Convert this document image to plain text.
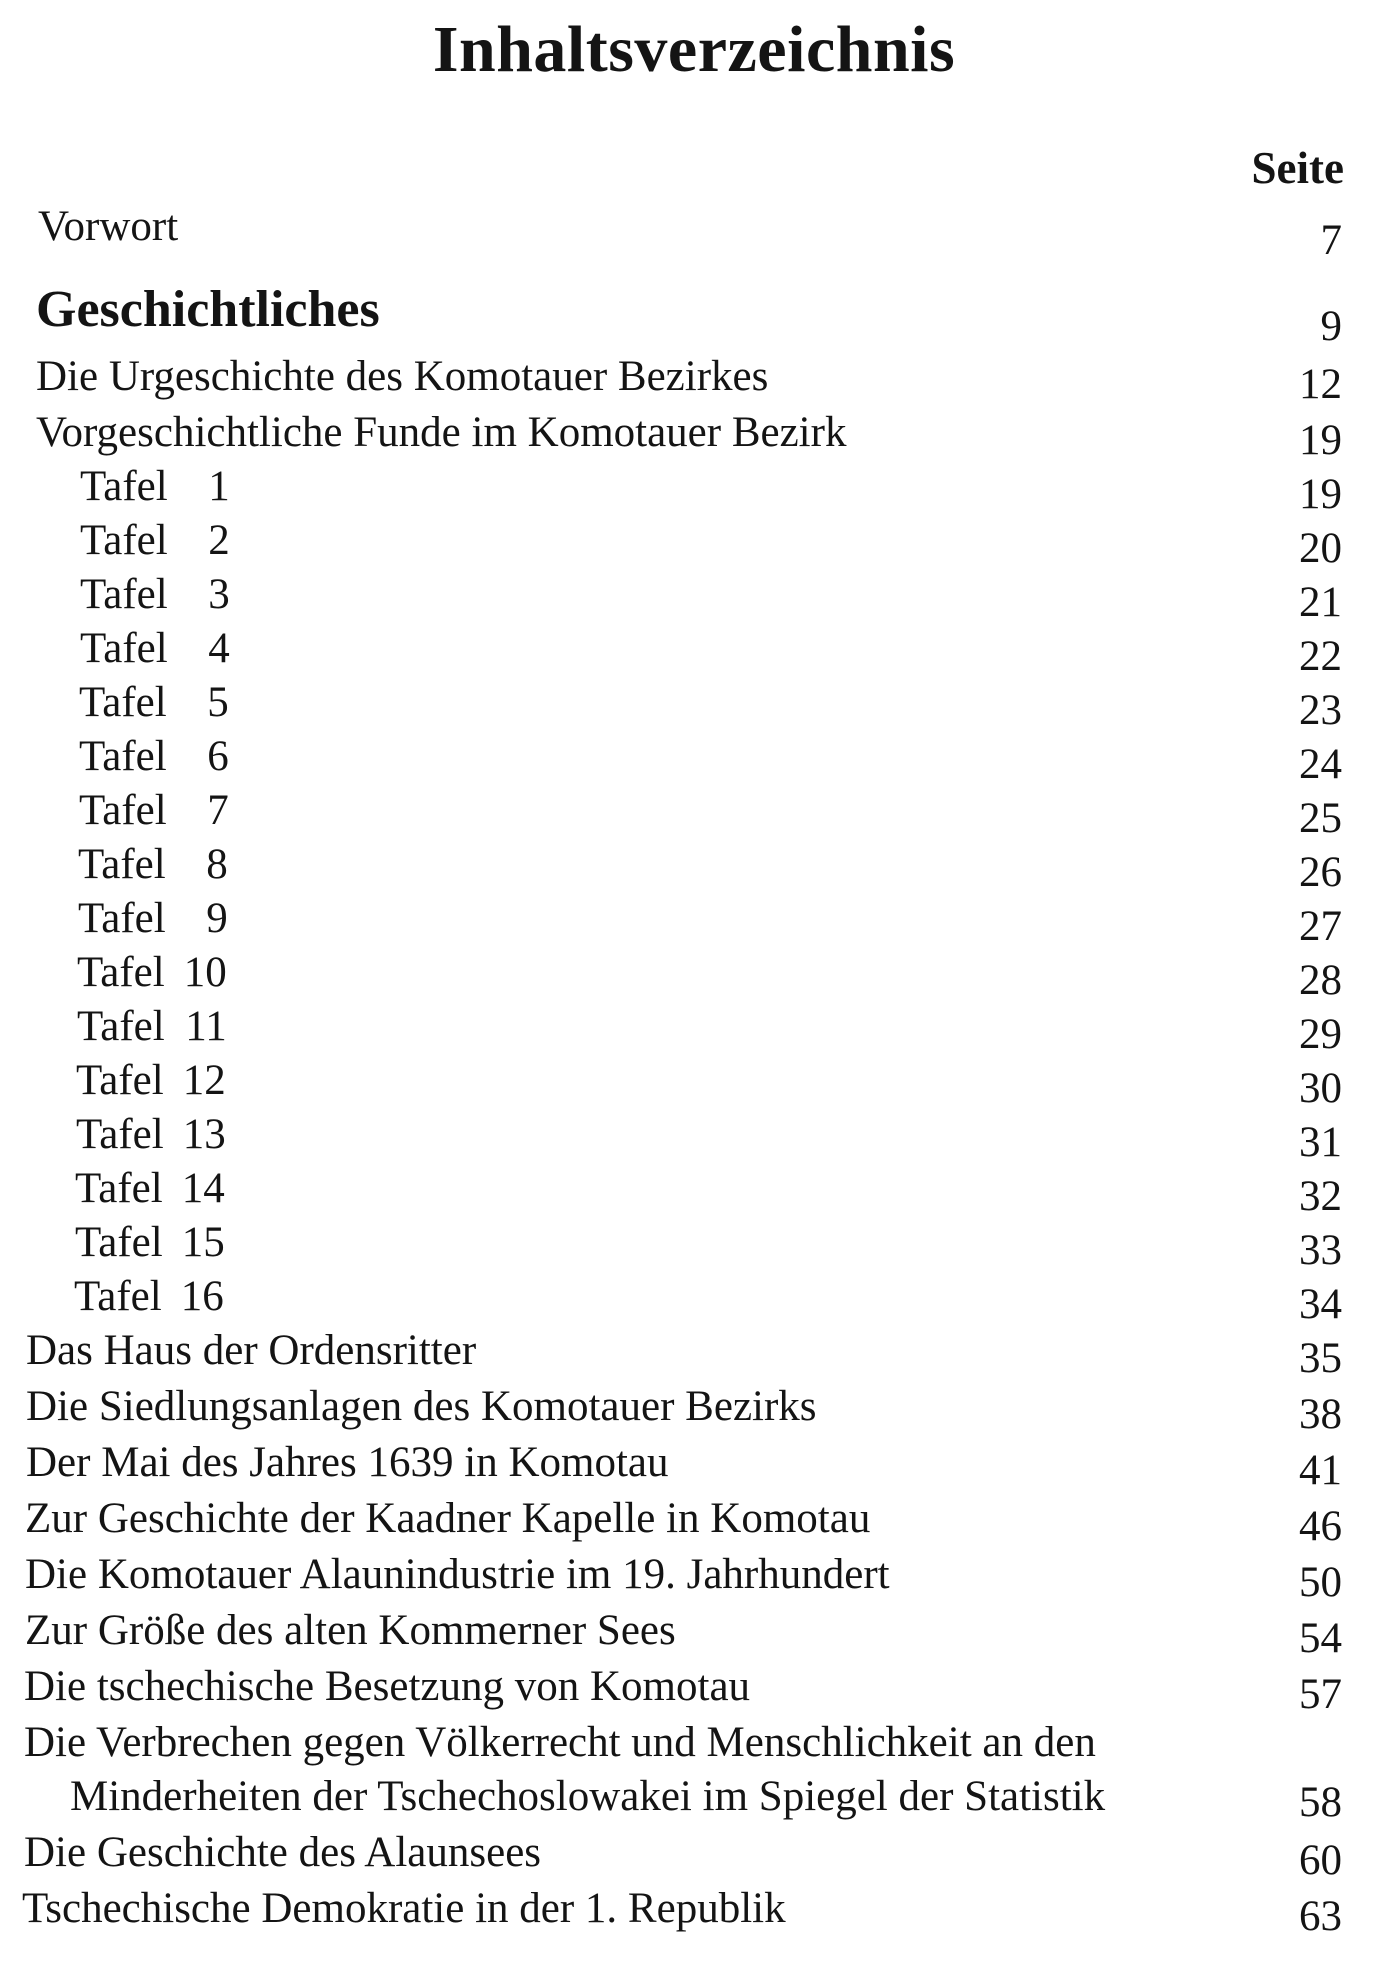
Inhaltsverzeichnis
Seite
Vorwort	7
Geschichtliches	9
Die Urgeschichte des Komotauer Bezirkes	12
Vorgeschichtliche Funde im Komotauer Bezirk	19
Tafel 1	19
Tafel 2	20
Tafel 3	21
Tafel 4	22
Tafel 5	23
Tafel 6	24
Tafel 7	25
Tafel 8	26
Tafel 9	27
Tafel 10	28
Tafel 11	29
Tafel 12	30
Tafel 13	31
Tafel 14	32
Tafel 15	33
Tafel 16	34
Das Haus der Ordensritter	35
Die Siedlungsanlagen des Komotauer Bezirks	38
Der Mai des Jahres 1639 in Komotau	41
Zur Geschichte der Kaadner Kapelle in Komotau	46
Die Komotauer Alaunindustrie im 19. Jahrhundert	50
Zur Größe des alten Kommerner Sees	54
Die tschechische Besetzung von Komotau	57
Die Verbrechen gegen Völkerrecht und Menschlichkeit an den
Minderheiten der Tschechoslowakei im Spiegel der Statistik	58
Die Geschichte des Alaunsees	60
Tschechische Demokratie in der 1. Republik	63
